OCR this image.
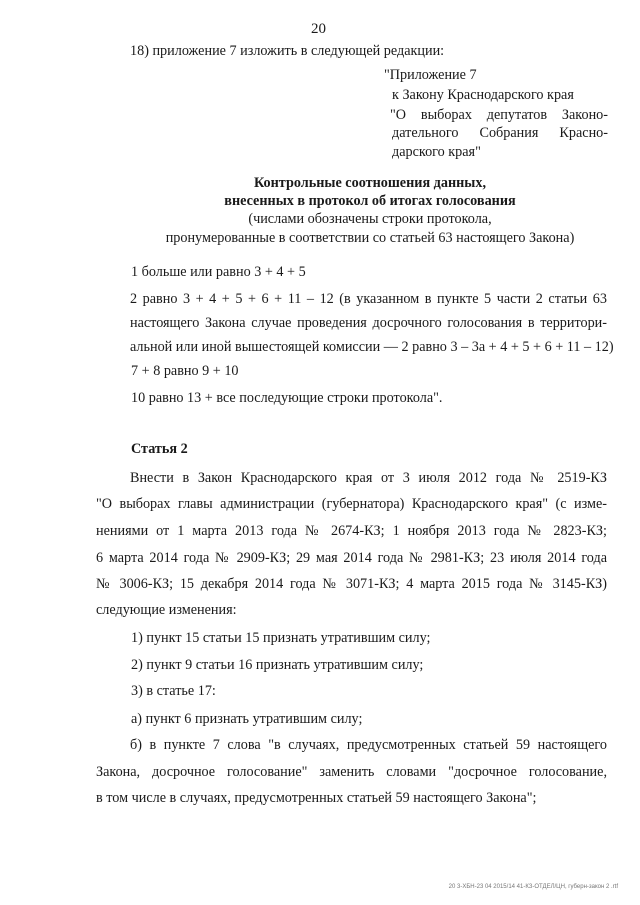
20
18) приложение 7 изложить в следующей редакции:
"Приложение 7
к Закону Краснодарского края
"О выборах депутатов Законо-
дательного Собрания Красно-
дарского края"
Контрольные соотношения данных,
внесенных в протокол об итогах голосования
(числами обозначены строки протокола,
пронумерованные в соответствии со статьей 63 настоящего Закона)
1 больше или равно 3 + 4 + 5
2 равно 3 + 4 + 5 + 6 + 11 – 12 (в указанном в пункте 5 части 2 статьи 63
настоящего Закона случае проведения досрочного голосования в территори-
альной или иной вышестоящей комиссии — 2 равно 3 – 3а + 4 + 5 + 6 + 11 – 12)
7 + 8 равно 9 + 10
10 равно 13 + все последующие строки протокола".
Статья 2
Внести в Закон Краснодарского края от 3 июля 2012 года № 2519-КЗ
"О выборах главы администрации (губернатора) Краснодарского края" (с изме-
нениями от 1 марта 2013 года № 2674-КЗ; 1 ноября 2013 года № 2823-КЗ;
6 марта 2014 года № 2909-КЗ; 29 мая 2014 года № 2981-КЗ; 23 июля 2014 года
№ 3006-КЗ; 15 декабря 2014 года № 3071-КЗ; 4 марта 2015 года № 3145-КЗ)
следующие изменения:
1) пункт 15 статьи 15 признать утратившим силу;
2) пункт 9 статьи 16 признать утратившим силу;
3) в статье 17:
а) пункт 6 признать утратившим силу;
б) в пункте 7 слова "в случаях, предусмотренных статьей 59 настоящего
Закона, досрочное голосование" заменить словами "досрочное голосование,
в том числе в случаях, предусмотренных статьей 59 настоящего Закона";
20 3-ХБН-23 04 2015/14 41-КЗ-ОТДЕЛ/ЦН, губерн-закон 2 .rtf
